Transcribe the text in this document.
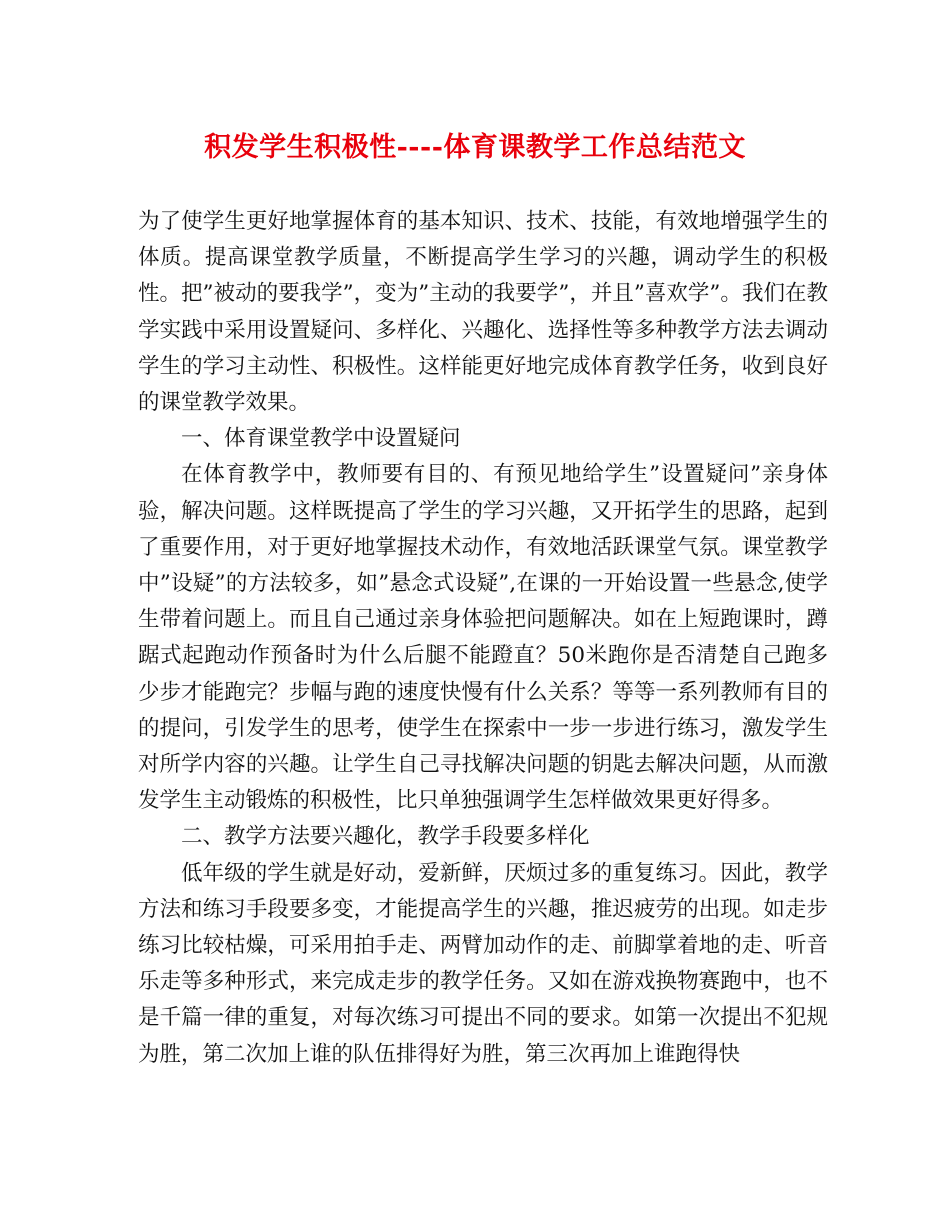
积发学生积极性----体育课教学工作总结范文

为了使学生更好地掌握体育的基本知识、技术、技能，有效地增强学生的体质。提高课堂教学质量，不断提高学生学习的兴趣，调动学生的积极性。把”被动的要我学”，变为”主动的我要学”，并且”喜欢学”。我们在教学实践中采用设置疑问、多样化、兴趣化、选择性等多种教学方法去调动学生的学习主动性、积极性。这样能更好地完成体育教学任务，收到良好的课堂教学效果。

一、体育课堂教学中设置疑问

在体育教学中，教师要有目的、有预见地给学生”设置疑问”亲身体验，解决问题。这样既提高了学生的学习兴趣，又开拓学生的思路，起到了重要作用，对于更好地掌握技术动作，有效地活跃课堂气氛。课堂教学中”设疑”的方法较多，如”悬念式设疑”,在课的一开始设置一些悬念,使学生带着问题上。而且自己通过亲身体验把问题解决。如在上短跑课时，蹲踞式起跑动作预备时为什么后腿不能蹬直？50米跑你是否清楚自己跑多少步才能跑完？步幅与跑的速度快慢有什么关系？等等一系列教师有目的的提问，引发学生的思考，使学生在探索中一步一步进行练习，激发学生对所学内容的兴趣。让学生自己寻找解决问题的钥匙去解决问题，从而激发学生主动锻炼的积极性，比只单独强调学生怎样做效果更好得多。

二、教学方法要兴趣化，教学手段要多样化

低年级的学生就是好动，爱新鲜，厌烦过多的重复练习。因此，教学方法和练习手段要多变，才能提高学生的兴趣，推迟疲劳的出现。如走步练习比较枯燥，可采用拍手走、两臂加动作的走、前脚掌着地的走、听音乐走等多种形式，来完成走步的教学任务。又如在游戏换物赛跑中，也不是千篇一律的重复，对每次练习可提出不同的要求。如第一次提出不犯规为胜，第二次加上谁的队伍排得好为胜，第三次再加上谁跑得快
